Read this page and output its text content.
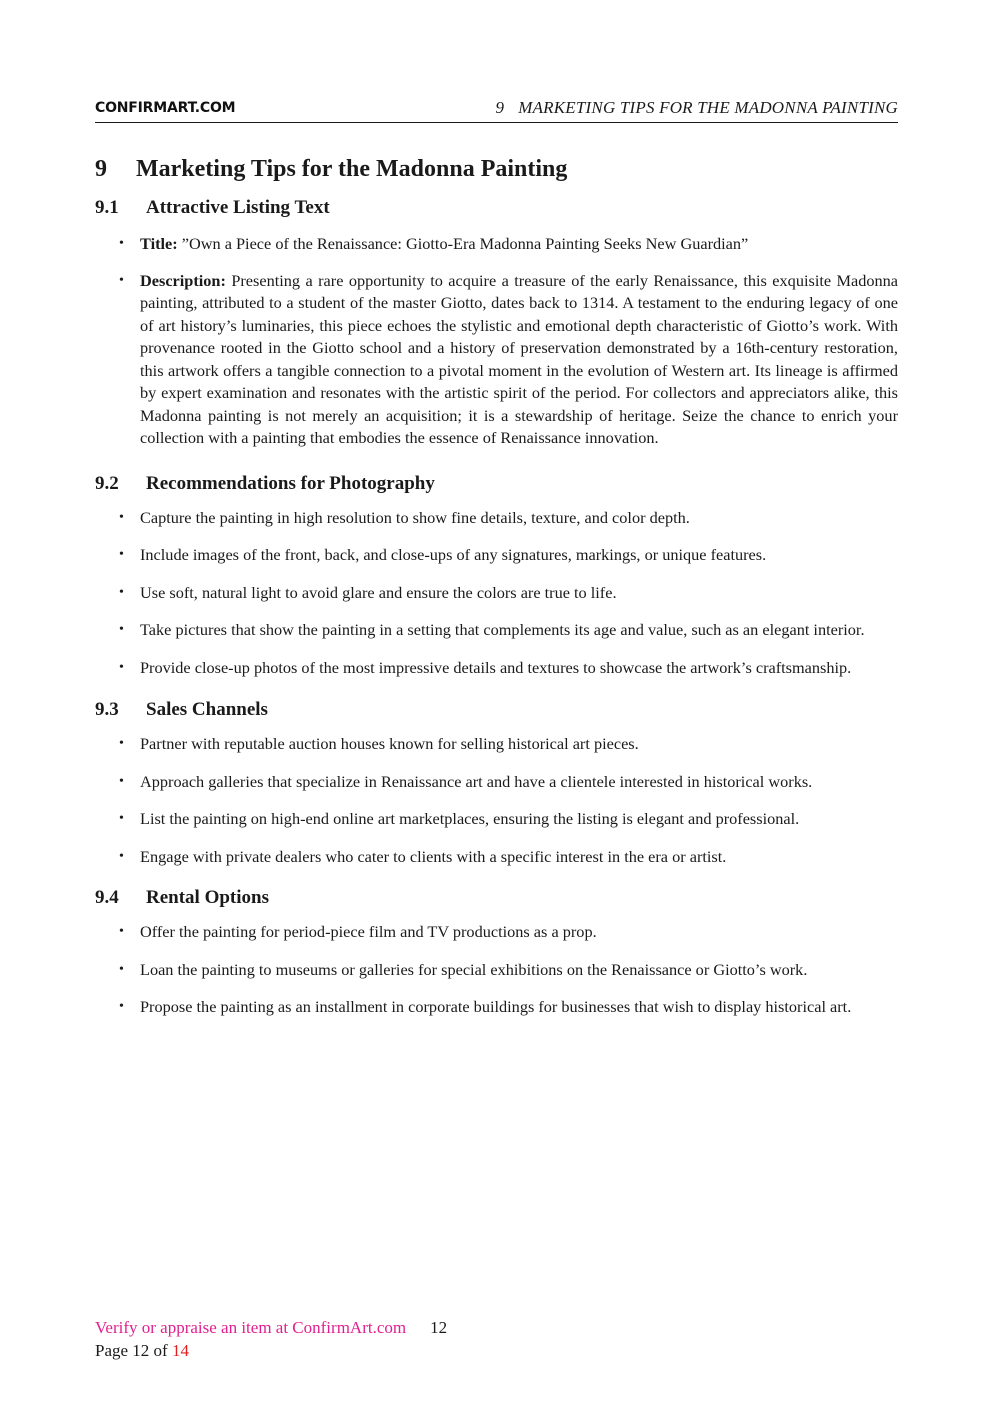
CONFIRMART.COM	9 MARKETING TIPS FOR THE MADONNA PAINTING
9 Marketing Tips for the Madonna Painting
9.1 Attractive Listing Text
• Title: ”Own a Piece of the Renaissance: Giotto-Era Madonna Painting Seeks New Guardian”
• Description: Presenting a rare opportunity to acquire a treasure of the early Renaissance, this exquisite Madonna painting, attributed to a student of the master Giotto, dates back to 1314. A testament to the enduring legacy of one of art history’s luminaries, this piece echoes the stylistic and emotional depth characteristic of Giotto’s work. With provenance rooted in the Giotto school and a history of preservation demonstrated by a 16th-century restoration, this artwork offers a tangible connection to a pivotal moment in the evolution of Western art. Its lineage is affirmed by expert examination and resonates with the artistic spirit of the period. For collectors and appreciators alike, this Madonna painting is not merely an acquisition; it is a stewardship of heritage. Seize the chance to enrich your collection with a painting that embodies the essence of Renaissance innovation.
9.2 Recommendations for Photography
• Capture the painting in high resolution to show fine details, texture, and color depth.
• Include images of the front, back, and close-ups of any signatures, markings, or unique features.
• Use soft, natural light to avoid glare and ensure the colors are true to life.
• Take pictures that show the painting in a setting that complements its age and value, such as an elegant interior.
• Provide close-up photos of the most impressive details and textures to showcase the artwork’s craftsmanship.
9.3 Sales Channels
• Partner with reputable auction houses known for selling historical art pieces.
• Approach galleries that specialize in Renaissance art and have a clientele interested in historical works.
• List the painting on high-end online art marketplaces, ensuring the listing is elegant and professional.
• Engage with private dealers who cater to clients with a specific interest in the era or artist.
9.4 Rental Options
• Offer the painting for period-piece film and TV productions as a prop.
• Loan the painting to museums or galleries for special exhibitions on the Renaissance or Giotto’s work.
• Propose the painting as an installment in corporate buildings for businesses that wish to display historical art.
Verify or appraise an item at ConfirmArt.com 12
Page 12 of 14
